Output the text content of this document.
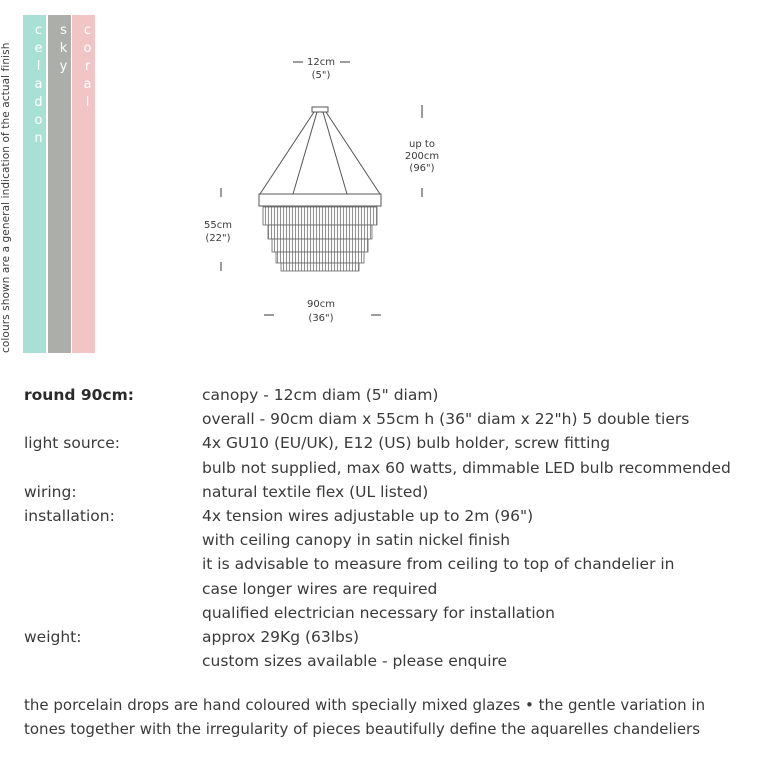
colours shown are a general indication of the actual finish	celadon sky coral	12cm
(5")
up to
200cm
(96")
55cm
(22")
90cm
(36")
round 90cm:	canopy - 12cm diam (5" diam)
overall - 90cm diam x 55cm h (36" diam x 22"h) 5 double tiers
light source:	4x GU10 (EU/UK), E12 (US) bulb holder, screw fitting
bulb not supplied, max 60 watts, dimmable LED bulb recommended
wiring:	natural textile flex (UL listed)
installation:	4x tension wires adjustable up to 2m (96")
with ceiling canopy in satin nickel finish
it is advisable to measure from ceiling to top of chandelier in
case longer wires are required
qualified electrician necessary for installation
weight:	approx 29Kg (63lbs)
custom sizes available - please enquire
the porcelain drops are hand coloured with specially mixed glazes • the gentle variation in
tones together with the irregularity of pieces beautifully define the aquarelles chandeliers
